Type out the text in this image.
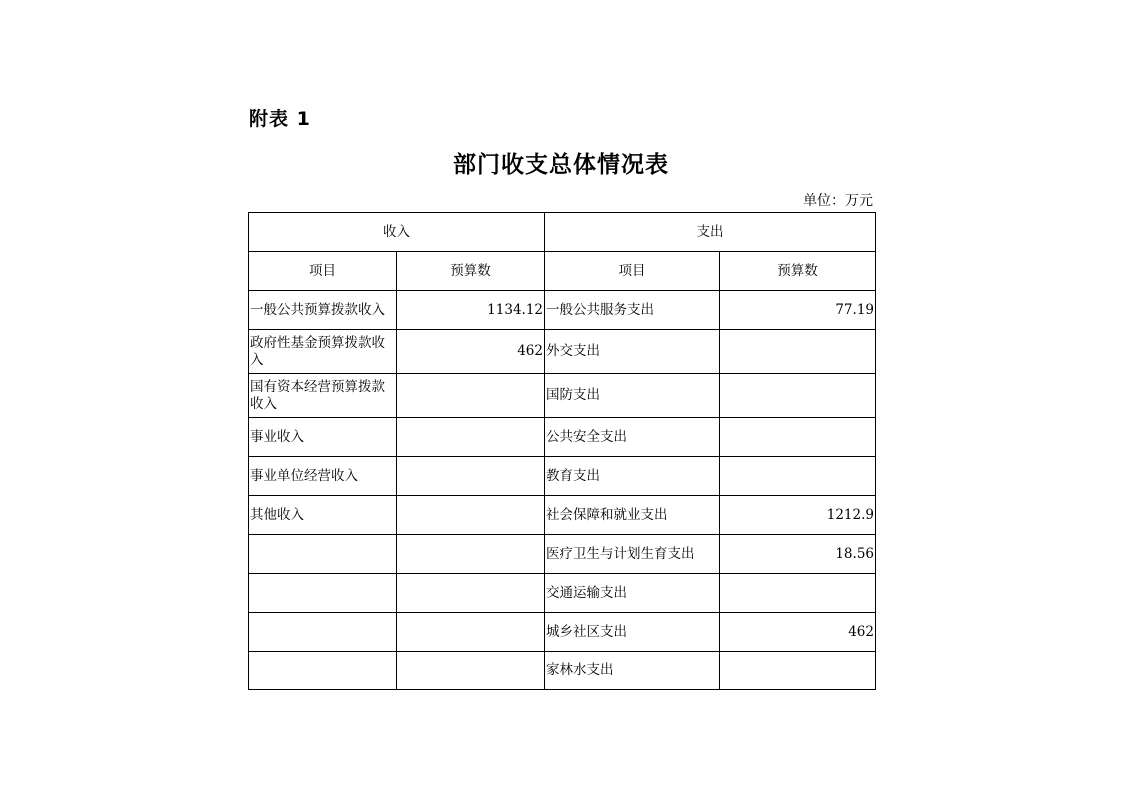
附表 1
部门收支总体情况表
单位：万元
收入		支出	
项目	预算数	项目	预算数
一般公共预算拨款收入	1134.12	一般公共服务支出	77.19
政府性基金预算拨款收入	462	外交支出	
国有资本经营预算拨款收入		国防支出	
事业收入		公共安全支出	
事业单位经营收入		教育支出	
其他收入		社会保障和就业支出	1212.9
		医疗卫生与计划生育支出	18.56
		交通运输支出	
		城乡社区支出	462
		家林水支出	
